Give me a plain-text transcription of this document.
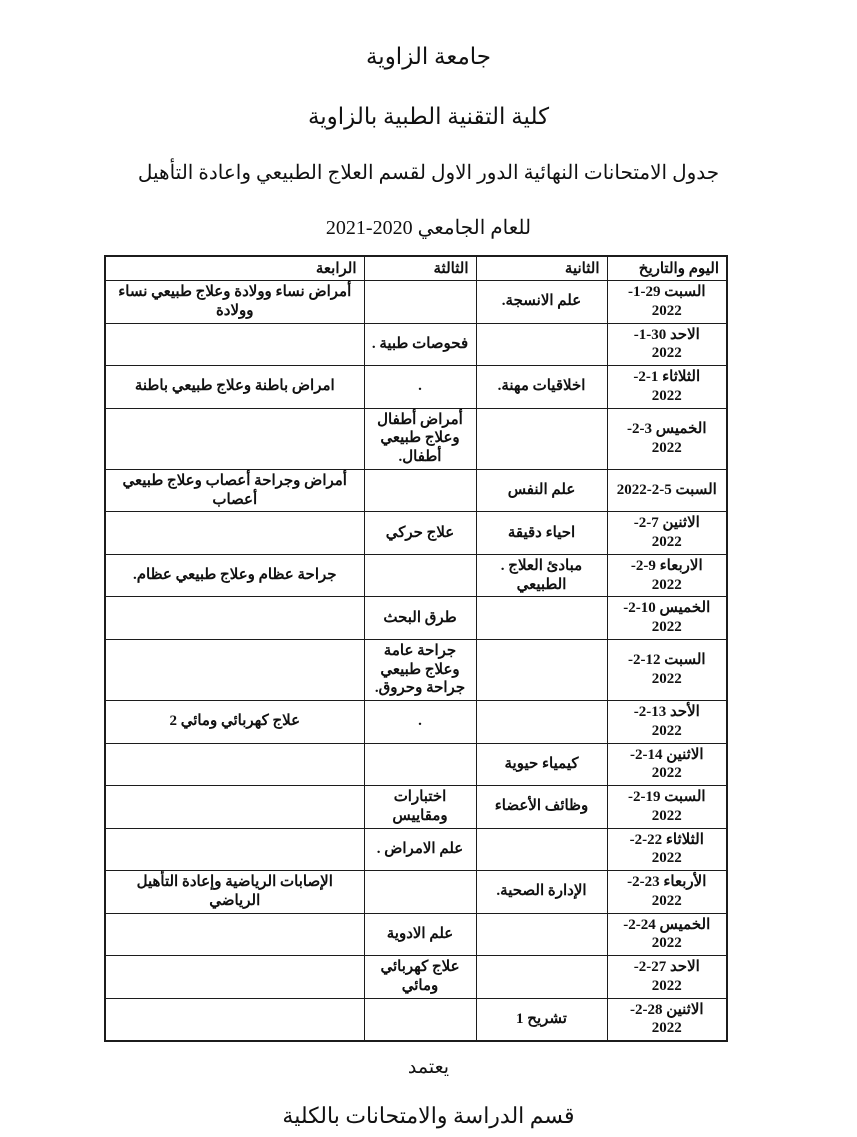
جامعة الزاوية

كلية التقنية الطبية بالزاوية

جدول الامتحانات النهائية الدور الاول لقسم العلاج الطبيعي واعادة التأهيل

للعام الجامعي 2020-2021

اليوم والتاريخ	الثانية	الثالثة	الرابعة
السبت 29-1-
2022	علم الانسجة.		أمراض نساء وولادة وعلاج طبيعي نساء
وولادة
الاحد 30-1-
2022		فحوصات طبية .	
الثلاثاء 1-2-
2022	اخلاقيات مهنة.	.	امراض باطنة وعلاج طبيعي باطنة
الخميس 3-2-
2022		أمراض أطفال
وعلاج طبيعي
أطفال.	
السبت 5-2-2022	علم النفس		أمراض وجراحة أعصاب وعلاج طبيعي
أعصاب
الاثنين 7-2-
2022	احياء دقيقة	علاج حركي	
الاربعاء 9-2-
2022	مبادئ العلاج .
الطبيعي		جراحة عظام وعلاج طبيعي عظام.
الخميس 10-2-
2022		طرق البحث	
السبت 12-2-
2022		جراحة عامة
وعلاج طبيعي
جراحة وحروق.	
الأحد 13-2-
2022		.	علاج كهربائي ومائي 2
الاثنين 14-2-
2022	كيمياء حيوية		
السبت 19-2-
2022	وظائف الأعضاء	اختبارات
ومقاييس	
الثلاثاء 22-2-
2022		علم الامراض .	
الأربعاء 23-2-
2022	الإدارة الصحية.		الإصابات الرياضية وإعادة التأهيل
الرياضي
الخميس 24-2-
2022		علم الادوية	
الاحد 27-2-
2022		علاج كهربائي
ومائي	
الاثنين 28-2-
2022	تشريح 1		

يعتمد

قسم الدراسة والامتحانات بالكلية
